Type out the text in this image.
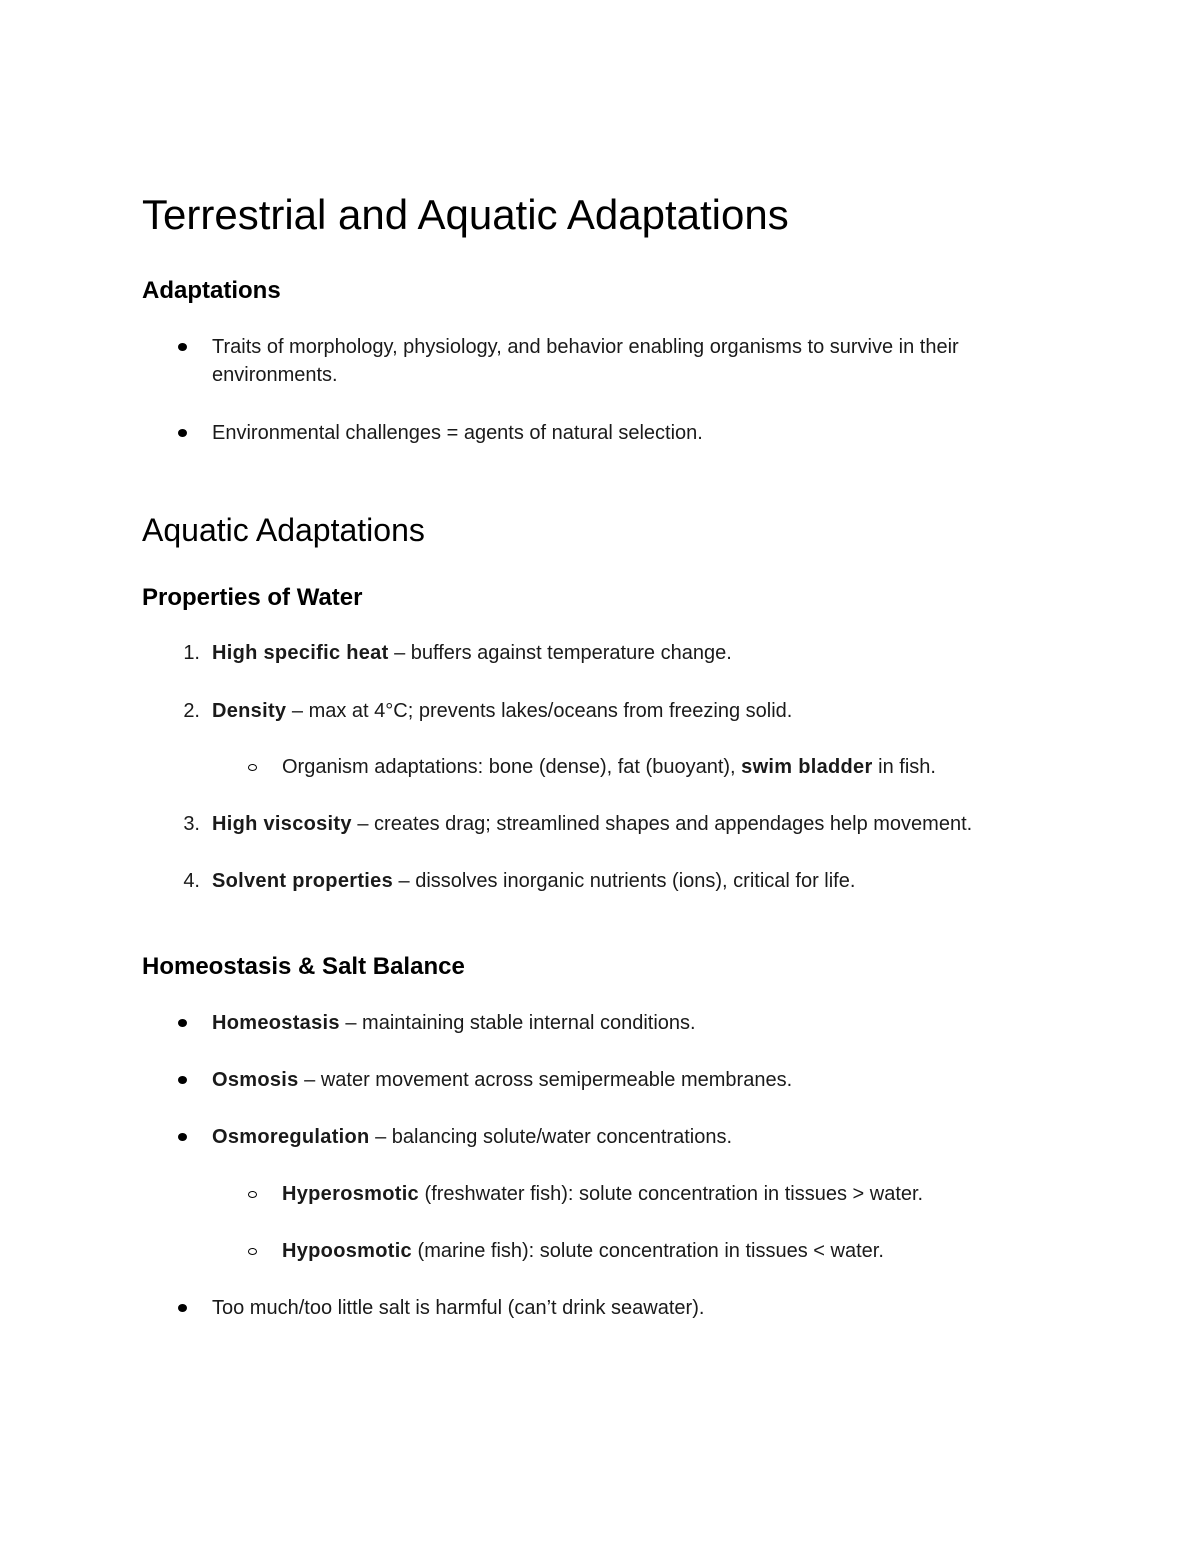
Terrestrial and Aquatic Adaptations
Adaptations
Traits of morphology, physiology, and behavior enabling organisms to survive in their environments.
Environmental challenges = agents of natural selection.
Aquatic Adaptations
Properties of Water
1. High specific heat – buffers against temperature change.
2. Density – max at 4°C; prevents lakes/oceans from freezing solid.
Organism adaptations: bone (dense), fat (buoyant), swim bladder in fish.
3. High viscosity – creates drag; streamlined shapes and appendages help movement.
4. Solvent properties – dissolves inorganic nutrients (ions), critical for life.
Homeostasis & Salt Balance
Homeostasis – maintaining stable internal conditions.
Osmosis – water movement across semipermeable membranes.
Osmoregulation – balancing solute/water concentrations.
Hyperosmotic (freshwater fish): solute concentration in tissues > water.
Hypoosmotic (marine fish): solute concentration in tissues < water.
Too much/too little salt is harmful (can’t drink seawater).
